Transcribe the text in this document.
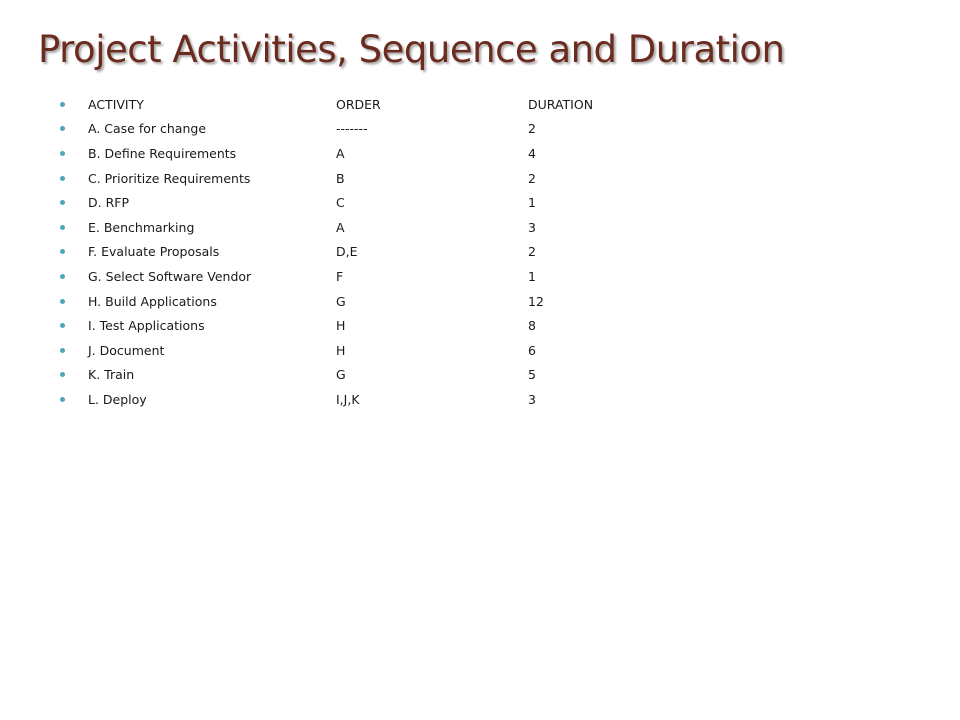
Project Activities, Sequence and Duration
ACTIVITY	ORDER	DURATION
A. Case for change	-------	2
B. Define Requirements	A	4
C. Prioritize Requirements	B	2
D. RFP	C	1
E. Benchmarking	A	3
F. Evaluate Proposals	D,E	2
G. Select Software Vendor	F	1
H. Build Applications	G	12
I. Test Applications	H	8
J. Document	H	6
K. Train	G	5
L. Deploy	I,J,K	3
